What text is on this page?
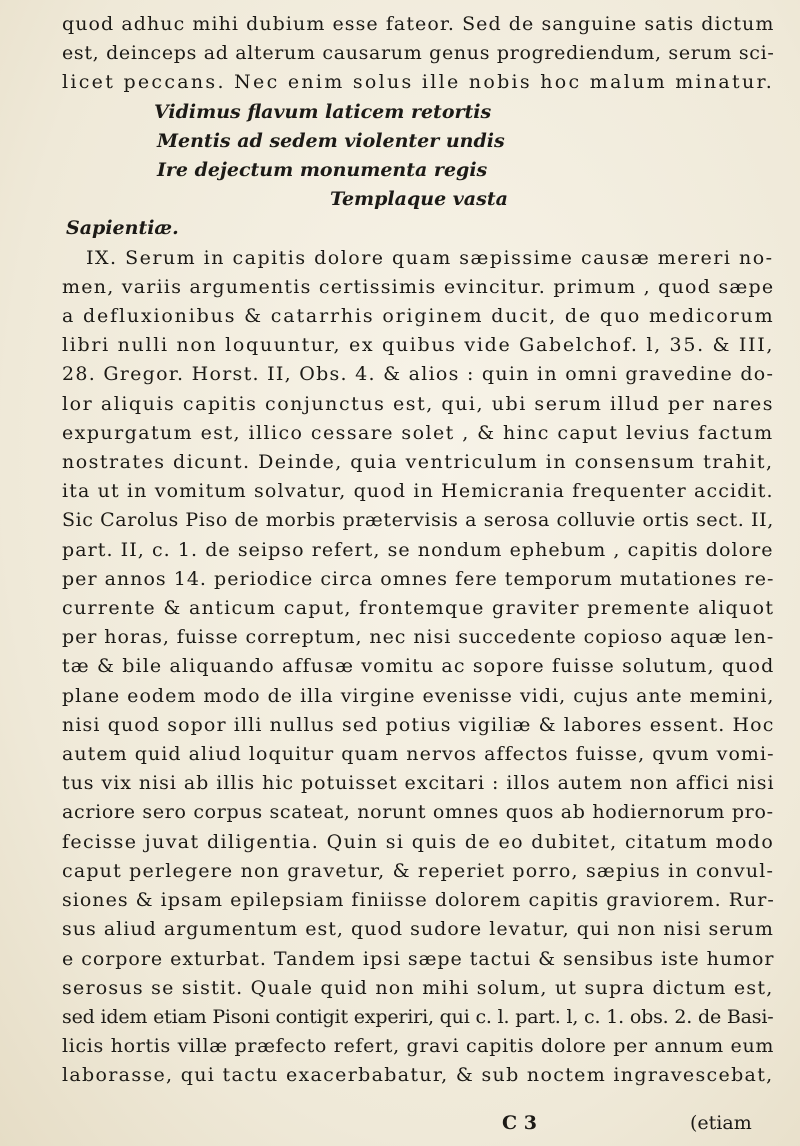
quod adhuc mihi dubium esse fateor. Sed de sanguine satis dictum
est, deinceps ad alterum causarum genus progrediendum, serum sci-
licet peccans. Nec enim solus ille nobis hoc malum minatur.
Vidimus flavum laticem retortis
Mentis ad sedem violenter undis
Ire dejectum monumenta regis
Templaque vasta
Sapientiæ.
IX. Serum in capitis dolore quam sæpissime causæ mereri no-
men, variis argumentis certissimis evincitur. primum , quod sæpe
a defluxionibus & catarrhis originem ducit, de quo medicorum
libri nulli non loquuntur, ex quibus vide Gabelchof. l, 35. & III,
28. Gregor. Horst. II, Obs. 4. & alios : quin in omni gravedine do-
lor aliquis capitis conjunctus est, qui, ubi serum illud per nares
expurgatum est, illico cessare solet , & hinc caput levius factum
nostrates dicunt. Deinde, quia ventriculum in consensum trahit,
ita ut in vomitum solvatur, quod in Hemicrania frequenter accidit.
Sic Carolus Piso de morbis prætervisis a serosa colluvie ortis sect. II,
part. II, c. 1. de seipso refert, se nondum ephebum , capitis dolore
per annos 14. periodice circa omnes fere temporum mutationes re-
currente & anticum caput, frontemque graviter premente aliquot
per horas, fuisse correptum, nec nisi succedente copioso aquæ len-
tæ & bile aliquando affusæ vomitu ac sopore fuisse solutum, quod
plane eodem modo de illa virgine evenisse vidi, cujus ante memini,
nisi quod sopor illi nullus sed potius vigiliæ & labores essent. Hoc
autem quid aliud loquitur quam nervos affectos fuisse, qvum vomi-
tus vix nisi ab illis hic potuisset excitari : illos autem non affici nisi
acriore sero corpus scateat, norunt omnes quos ab hodiernorum pro-
fecisse juvat diligentia. Quin si quis de eo dubitet, citatum modo
caput perlegere non gravetur, & reperiet porro, sæpius in convul-
siones & ipsam epilepsiam finiisse dolorem capitis graviorem. Rur-
sus aliud argumentum est, quod sudore levatur, qui non nisi serum
e corpore exturbat. Tandem ipsi sæpe tactui & sensibus iste humor
serosus se sistit. Quale quid non mihi solum, ut supra dictum est,
sed idem etiam Pisoni contigit experiri, qui c. l. part. l, c. 1. obs. 2. de Basi-
licis hortis villæ præfecto refert, gravi capitis dolore per annum eum
laborasse, qui tactu exacerbabatur, & sub noctem ingravescebat,
C 3	(etiam
